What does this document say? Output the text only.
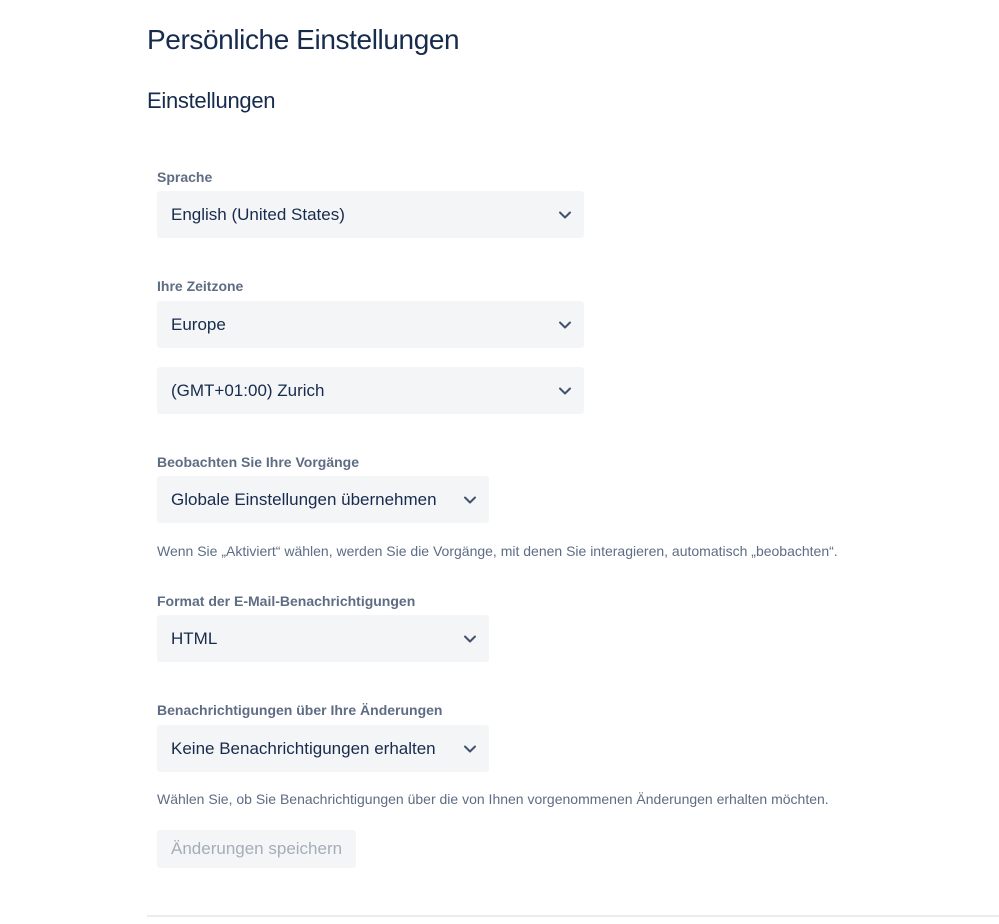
Persönliche Einstellungen
Einstellungen
Sprache
English (United States)
Ihre Zeitzone
Europe
(GMT+01:00) Zurich
Beobachten Sie Ihre Vorgänge
Globale Einstellungen übernehmen
Wenn Sie „Aktiviert“ wählen, werden Sie die Vorgänge, mit denen Sie interagieren, automatisch „beobachten“.
Format der E-Mail-Benachrichtigungen
HTML
Benachrichtigungen über Ihre Änderungen
Keine Benachrichtigungen erhalten
Wählen Sie, ob Sie Benachrichtigungen über die von Ihnen vorgenommenen Änderungen erhalten möchten.
Änderungen speichern
